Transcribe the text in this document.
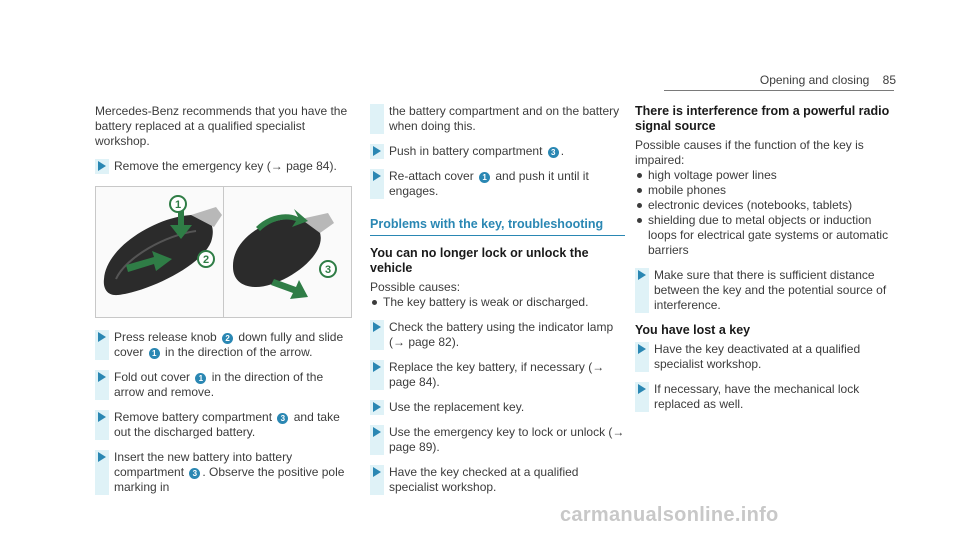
Opening and closing 85

Mercedes-Benz recommends that you have the battery replaced at a qualified specialist workshop.

Remove the emergency key (→ page 84).
1
2
3
Press release knob 2 down fully and slide cover 1 in the direction of the arrow.
Fold out cover 1 in the direction of the arrow and remove.
Remove battery compartment 3 and take out the discharged battery.
Insert the new battery into battery compartment 3 . Observe the positive pole marking in
the battery compartment and on the battery when doing this.
Push in battery compartment 3 .
Re-attach cover 1 and push it until it engages.
Problems with the key, troubleshooting
You can no longer lock or unlock the vehicle

Possible causes:

The key battery is weak or discharged.
Check the battery using the indicator lamp (→ page 82).
Replace the key battery, if necessary (→ page 84).
Use the replacement key.
Use the emergency key to lock or unlock (→ page 89).
Have the key checked at a qualified specialist workshop.
There is interference from a powerful radio signal source

Possible causes if the function of the key is impaired:

high voltage power lines
mobile phones
electronic devices (notebooks, tablets)
shielding due to metal objects or induction loops for electrical gate systems or automatic barriers
Make sure that there is sufficient distance between the key and the potential source of interference.
You have lost a key
Have the key deactivated at a qualified specialist workshop.
If necessary, have the mechanical lock replaced as well.
carmanualsonline.info
